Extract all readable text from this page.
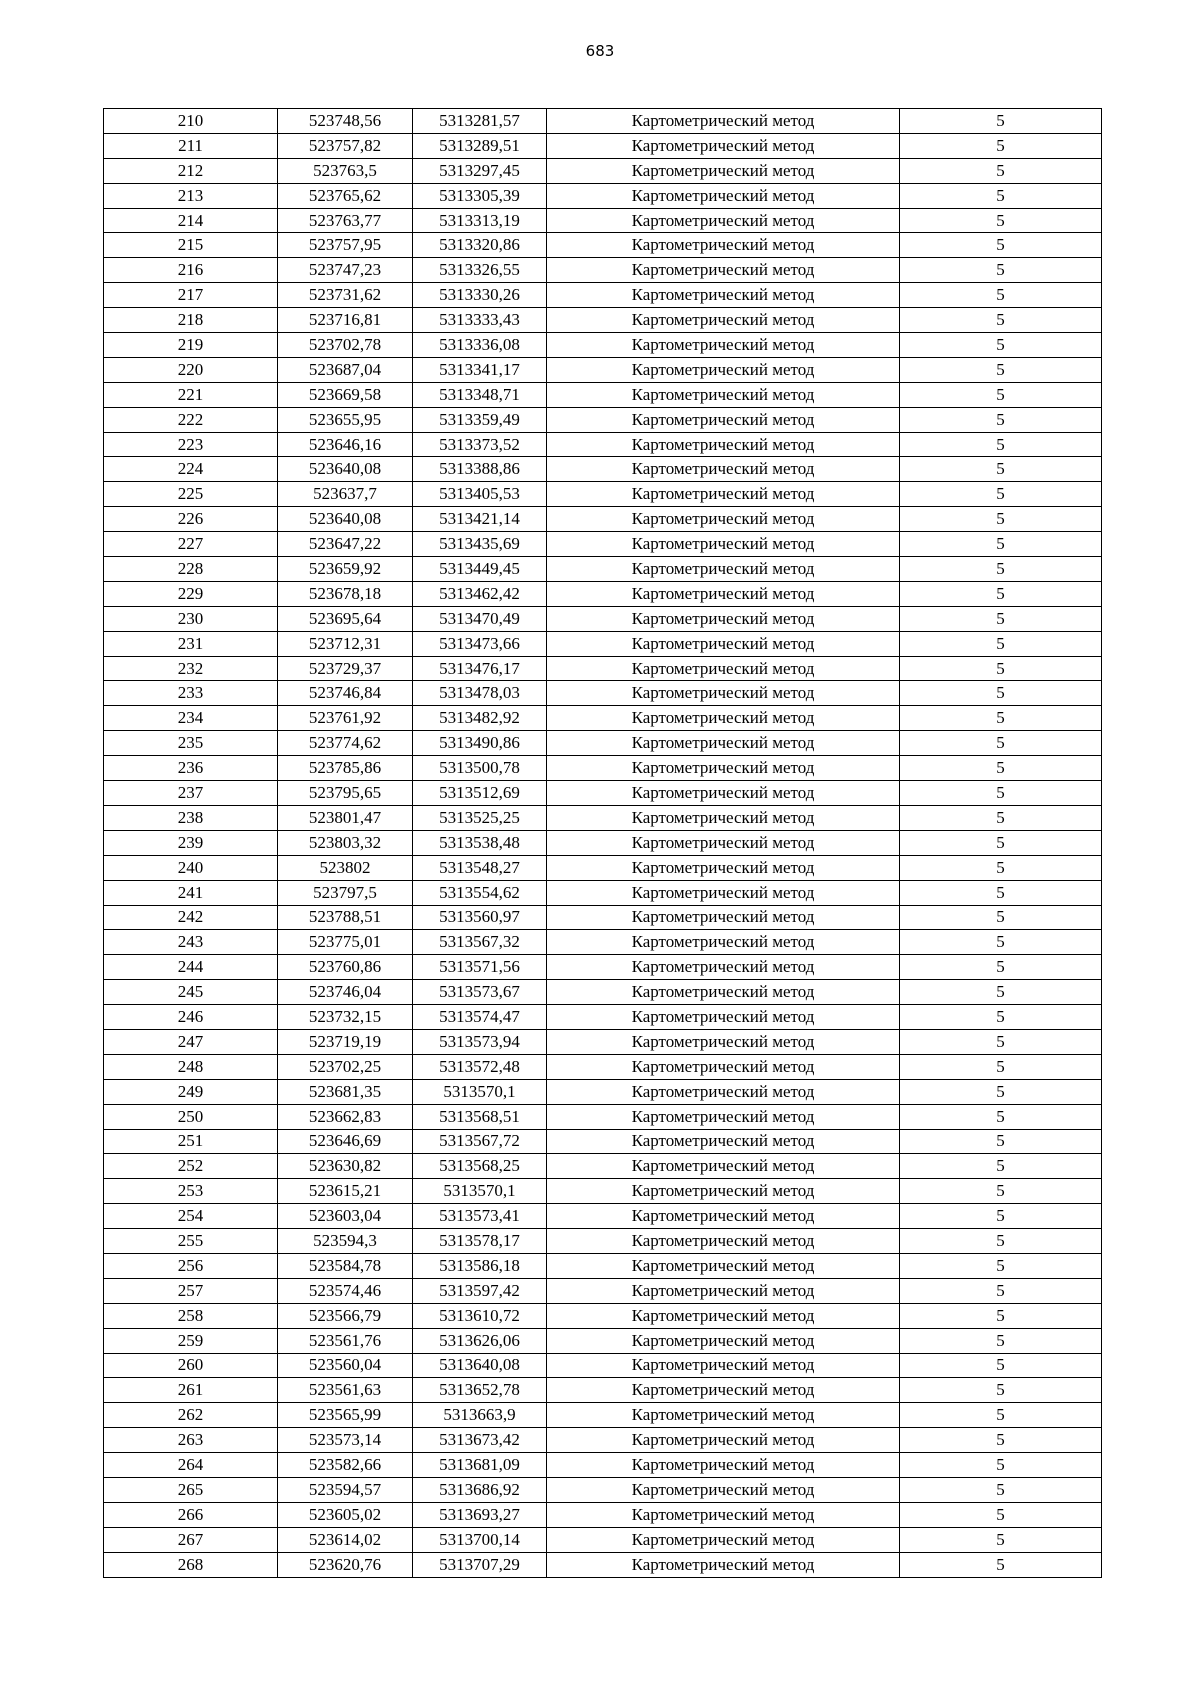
683
210	523748,56	5313281,57	Картометрический метод	5
211	523757,82	5313289,51	Картометрический метод	5
212	523763,5	5313297,45	Картометрический метод	5
213	523765,62	5313305,39	Картометрический метод	5
214	523763,77	5313313,19	Картометрический метод	5
215	523757,95	5313320,86	Картометрический метод	5
216	523747,23	5313326,55	Картометрический метод	5
217	523731,62	5313330,26	Картометрический метод	5
218	523716,81	5313333,43	Картометрический метод	5
219	523702,78	5313336,08	Картометрический метод	5
220	523687,04	5313341,17	Картометрический метод	5
221	523669,58	5313348,71	Картометрический метод	5
222	523655,95	5313359,49	Картометрический метод	5
223	523646,16	5313373,52	Картометрический метод	5
224	523640,08	5313388,86	Картометрический метод	5
225	523637,7	5313405,53	Картометрический метод	5
226	523640,08	5313421,14	Картометрический метод	5
227	523647,22	5313435,69	Картометрический метод	5
228	523659,92	5313449,45	Картометрический метод	5
229	523678,18	5313462,42	Картометрический метод	5
230	523695,64	5313470,49	Картометрический метод	5
231	523712,31	5313473,66	Картометрический метод	5
232	523729,37	5313476,17	Картометрический метод	5
233	523746,84	5313478,03	Картометрический метод	5
234	523761,92	5313482,92	Картометрический метод	5
235	523774,62	5313490,86	Картометрический метод	5
236	523785,86	5313500,78	Картометрический метод	5
237	523795,65	5313512,69	Картометрический метод	5
238	523801,47	5313525,25	Картометрический метод	5
239	523803,32	5313538,48	Картометрический метод	5
240	523802	5313548,27	Картометрический метод	5
241	523797,5	5313554,62	Картометрический метод	5
242	523788,51	5313560,97	Картометрический метод	5
243	523775,01	5313567,32	Картометрический метод	5
244	523760,86	5313571,56	Картометрический метод	5
245	523746,04	5313573,67	Картометрический метод	5
246	523732,15	5313574,47	Картометрический метод	5
247	523719,19	5313573,94	Картометрический метод	5
248	523702,25	5313572,48	Картометрический метод	5
249	523681,35	5313570,1	Картометрический метод	5
250	523662,83	5313568,51	Картометрический метод	5
251	523646,69	5313567,72	Картометрический метод	5
252	523630,82	5313568,25	Картометрический метод	5
253	523615,21	5313570,1	Картометрический метод	5
254	523603,04	5313573,41	Картометрический метод	5
255	523594,3	5313578,17	Картометрический метод	5
256	523584,78	5313586,18	Картометрический метод	5
257	523574,46	5313597,42	Картометрический метод	5
258	523566,79	5313610,72	Картометрический метод	5
259	523561,76	5313626,06	Картометрический метод	5
260	523560,04	5313640,08	Картометрический метод	5
261	523561,63	5313652,78	Картометрический метод	5
262	523565,99	5313663,9	Картометрический метод	5
263	523573,14	5313673,42	Картометрический метод	5
264	523582,66	5313681,09	Картометрический метод	5
265	523594,57	5313686,92	Картометрический метод	5
266	523605,02	5313693,27	Картометрический метод	5
267	523614,02	5313700,14	Картометрический метод	5
268	523620,76	5313707,29	Картометрический метод	5
